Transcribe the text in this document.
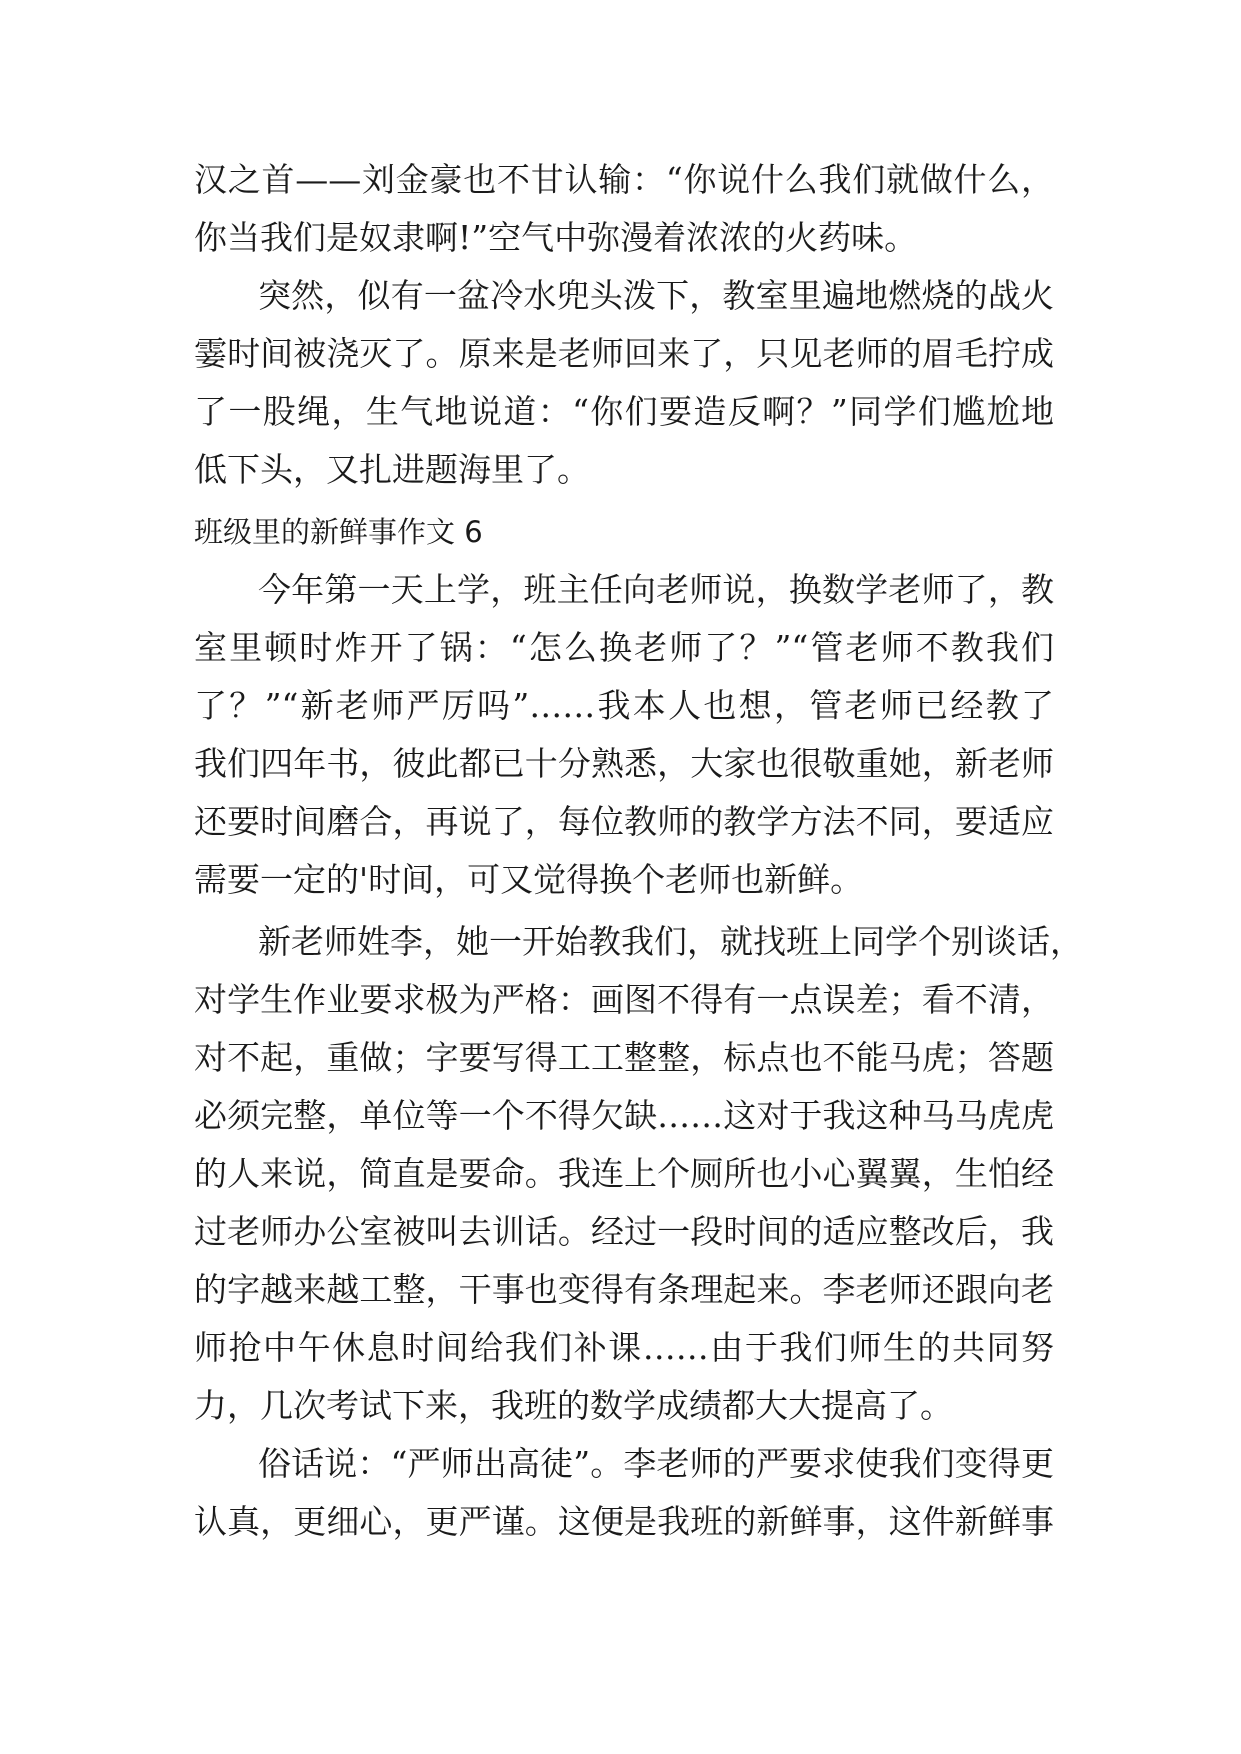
汉之首——刘金豪也不甘认输：“你说什么我们就做什么，
你当我们是奴隶啊!”空气中弥漫着浓浓的火药味。
突然，似有一盆冷水兜头泼下，教室里遍地燃烧的战火
霎时间被浇灭了。原来是老师回来了，只见老师的眉毛拧成
了一股绳，生气地说道：“你们要造反啊？”同学们尴尬地
低下头，又扎进题海里了。
班级里的新鲜事作文 6
今年第一天上学，班主任向老师说，换数学老师了，教
室里顿时炸开了锅：“怎么换老师了？”“管老师不教我们
了？”“新老师严厉吗”……我本人也想，管老师已经教了
我们四年书，彼此都已十分熟悉，大家也很敬重她，新老师
还要时间磨合，再说了，每位教师的教学方法不同，要适应
需要一定的'时间，可又觉得换个老师也新鲜。
新老师姓李，她一开始教我们，就找班上同学个别谈话，
对学生作业要求极为严格：画图不得有一点误差；看不清，
对不起，重做；字要写得工工整整，标点也不能马虎；答题
必须完整，单位等一个不得欠缺……这对于我这种马马虎虎
的人来说，简直是要命。我连上个厕所也小心翼翼，生怕经
过老师办公室被叫去训话。经过一段时间的适应整改后，我
的字越来越工整，干事也变得有条理起来。李老师还跟向老
师抢中午休息时间给我们补课……由于我们师生的共同努
力，几次考试下来，我班的数学成绩都大大提高了。
俗话说：“严师出高徒”。李老师的严要求使我们变得更
认真，更细心，更严谨。这便是我班的新鲜事，这件新鲜事
